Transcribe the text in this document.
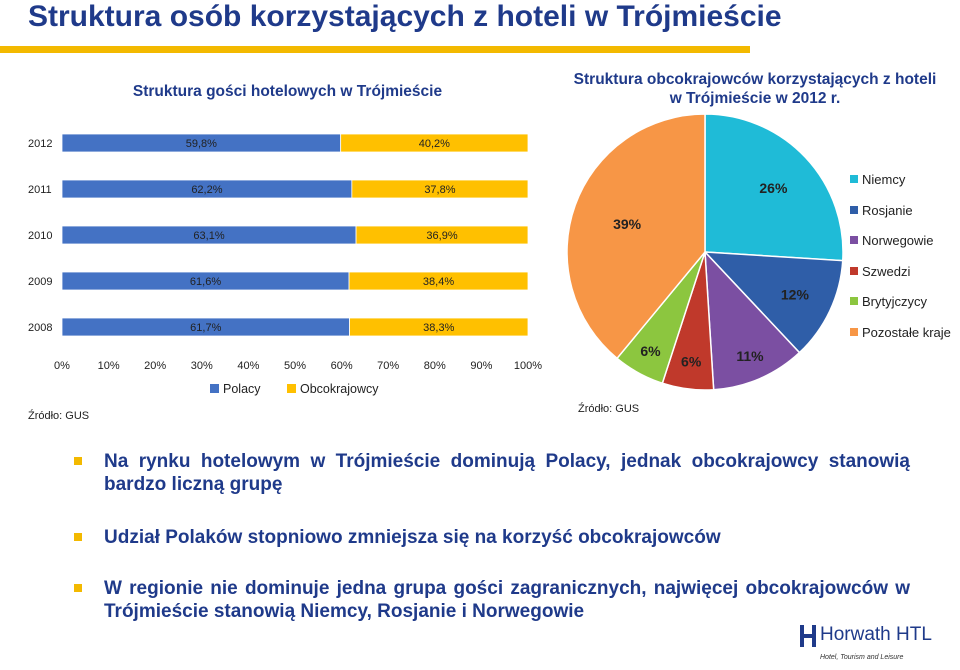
Struktura osób korzystających z hoteli w Trójmieście
Struktura gości hotelowych w Trójmieście
Struktura obcokrajowców korzystających z hoteli
w Trójmieście w 2012 r.
2012	59,8%	40,2%
2011	62,2%	37,8%
2010	63,1%	36,9%
2009	61,6%	38,4%
2008	61,7%	38,3%
0%	10% 20% 30% 40% 50% 60% 70% 80% 90% 100%
Polacy	Obcokrajowcy
26%
12%
11%
6%
6%
39%
Niemcy
Rosjanie
Norwegowie
Szwedzi
Brytyjczycy
Pozostałe kraje
Źródło: GUS
Źródło: GUS
Na rynku hotelowym w Trójmieście dominują Polacy, jednak obcokrajowcy stanowią bardzo liczną grupę
Udział Polaków stopniowo zmniejsza się na korzyść obcokrajowców
W regionie nie dominuje jedna grupa gości zagranicznych, najwięcej obcokrajowców w Trójmieście stanowią Niemcy, Rosjanie i Norwegowie
Horwath HTL
Hotel, Tourism and Leisure
